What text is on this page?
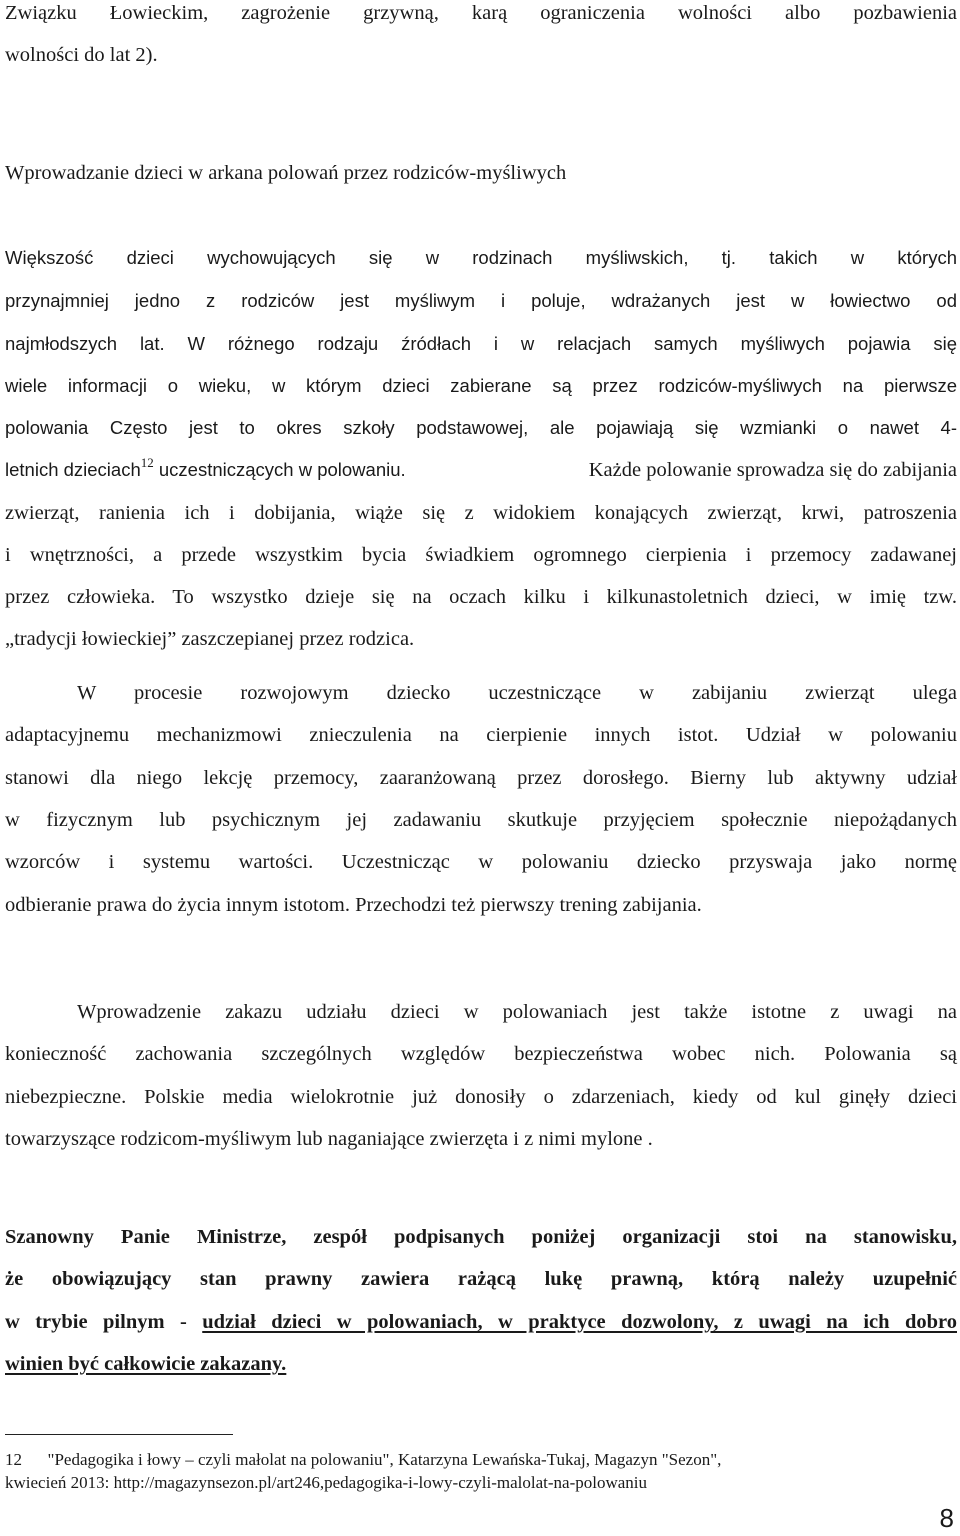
Związku Łowieckim, zagrożenie grzywną, karą ograniczenia wolności albo pozbawienia

wolności do lat 2).

Wprowadzanie dzieci w arkana polowań przez rodziców-myśliwych

Większość dzieci wychowujących się w rodzinach myśliwskich, tj. takich w których

przynajmniej jedno z rodziców jest myśliwym i poluje, wdrażanych jest w łowiectwo od

najmłodszych lat. W różnego rodzaju źródłach i w relacjach samych myśliwych pojawia się

wiele informacji o wieku, w którym dzieci zabierane są przez rodziców-myśliwych na pierwsze

polowania Często jest to okres szkoły podstawowej, ale pojawiają się wzmianki o nawet 4-

letnich dzieciach$^{12}$ uczestniczących w polowaniu.	Każde polowanie sprowadza się do zabijania

zwierząt, ranienia ich i dobijania, wiąże się z widokiem konających zwierząt, krwi, patroszenia

i wnętrzności, a przede wszystkim bycia świadkiem ogromnego cierpienia i przemocy zadawanej

przez człowieka. To wszystko dzieje się na oczach kilku i kilkunastoletnich dzieci, w imię tzw.

„tradycji łowieckiej” zaszczepianej przez rodzica.

W procesie rozwojowym dziecko uczestniczące w zabijaniu zwierząt ulega

adaptacyjnemu mechanizmowi znieczulenia na cierpienie innych istot. Udział w polowaniu

stanowi dla niego lekcję przemocy, zaaranżowaną przez dorosłego. Bierny lub aktywny udział

w fizycznym lub psychicznym jej zadawaniu skutkuje przyjęciem społecznie niepożądanych

wzorców i systemu wartości. Uczestnicząc w polowaniu dziecko przyswaja jako normę

odbieranie prawa do życia innym istotom. Przechodzi też pierwszy trening zabijania.

Wprowadzenie zakazu udziału dzieci w polowaniach jest także istotne z uwagi na

konieczność zachowania szczególnych względów bezpieczeństwa wobec nich. Polowania są

niebezpieczne. Polskie media wielokrotnie już donosiły o zdarzeniach, kiedy od kul ginęły dzieci

towarzyszące rodzicom-myśliwym lub naganiające zwierzęta i z nimi mylone .

Szanowny Panie Ministrze, zespół podpisanych poniżej organizacji stoi na stanowisku,

że obowiązujący stan prawny zawiera rażącą lukę prawną, którą należy uzupełnić

w trybie pilnym - udział dzieci w polowaniach, w praktyce dozwolony, z uwagi na ich dobro

winien być całkowicie zakazany.

12      "Pedagogika i łowy – czyli małolat na polowaniu", Katarzyna Lewańska-Tukaj, Magazyn "Sezon",

kwiecień 2013: http://magazynsezon.pl/art246,pedagogika-i-lowy-czyli-malolat-na-polowaniu

8
